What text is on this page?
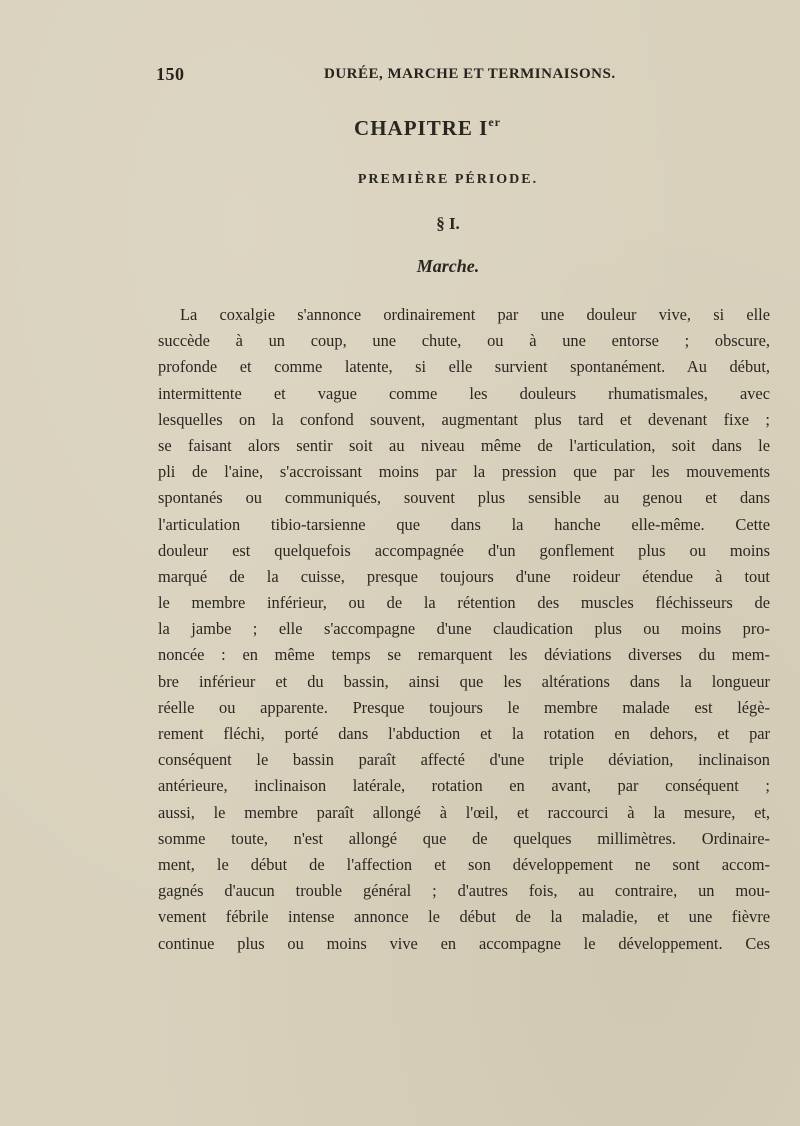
150	DURÉE, MARCHE ET TERMINAISONS.
CHAPITRE Ier
PREMIÈRE PÉRIODE.
§ I.
Marche.
La coxalgie s'annonce ordinairement par une douleur vive, si elle
succède à un coup, une chute, ou à une entorse ; obscure,
profonde et comme latente, si elle survient spontanément. Au début,
intermittente et vague comme les douleurs rhumatismales, avec
lesquelles on la confond souvent, augmentant plus tard et devenant fixe ;
se faisant alors sentir soit au niveau même de l'articulation, soit dans le
pli de l'aine, s'accroissant moins par la pression que par les mouvements
spontanés ou communiqués, souvent plus sensible au genou et dans
l'articulation tibio-tarsienne que dans la hanche elle-même. Cette
douleur est quelquefois accompagnée d'un gonflement plus ou moins
marqué de la cuisse, presque toujours d'une roideur étendue à tout
le membre inférieur, ou de la rétention des muscles fléchisseurs de
la jambe ; elle s'accompagne d'une claudication plus ou moins pro-
noncée : en même temps se remarquent les déviations diverses du mem-
bre inférieur et du bassin, ainsi que les altérations dans la longueur
réelle ou apparente. Presque toujours le membre malade est légè-
rement fléchi, porté dans l'abduction et la rotation en dehors, et par
conséquent le bassin paraît affecté d'une triple déviation, inclinaison
antérieure, inclinaison latérale, rotation en avant, par conséquent ;
aussi, le membre paraît allongé à l'œil, et raccourci à la mesure, et,
somme toute, n'est allongé que de quelques millimètres. Ordinaire-
ment, le début de l'affection et son développement ne sont accom-
gagnés d'aucun trouble général ; d'autres fois, au contraire, un mou-
vement fébrile intense annonce le début de la maladie, et une fièvre
continue plus ou moins vive en accompagne le développement. Ces
